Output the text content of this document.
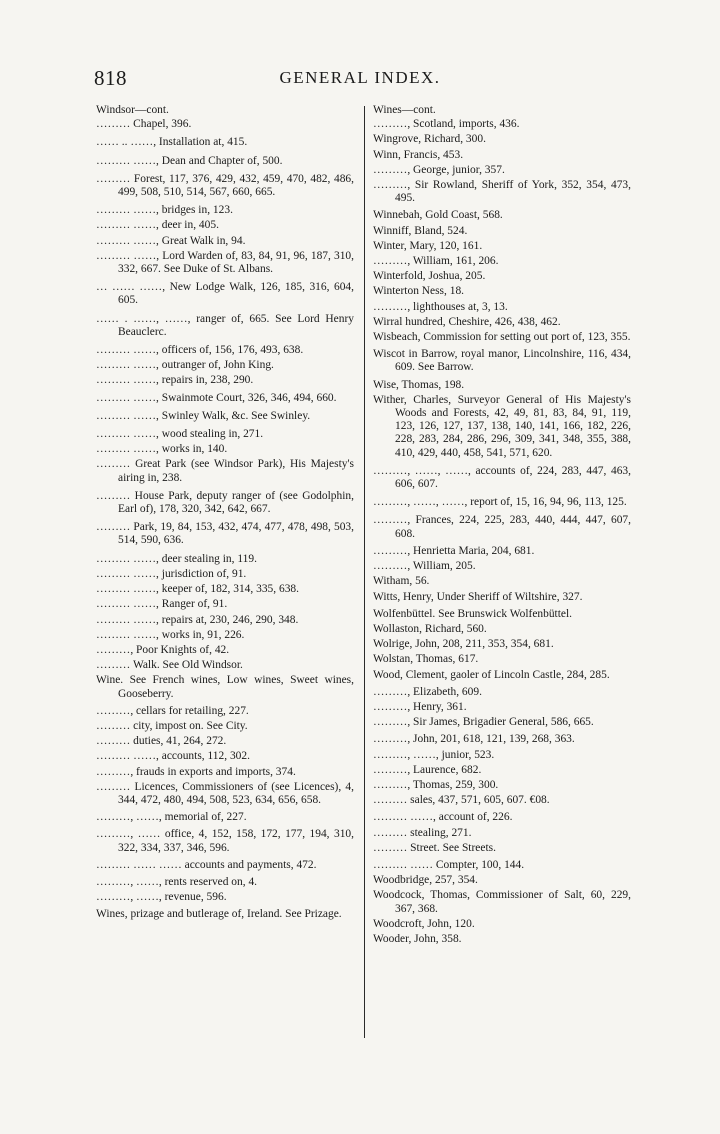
818	GENERAL INDEX.
Windsor—cont.
……… Chapel, 396.
…… .. ……, Installation at, 415.
……… ……, Dean and Chapter of, 500.
……… Forest, 117, 376, 429, 432, 459, 470, 482, 486, 499, 508, 510, 514, 567, 660, 665.
……… ……, bridges in, 123.
……… ……, deer in, 405.
……… ……, Great Walk in, 94.
……… ……, Lord Warden of, 83, 84, 91, 96, 187, 310, 332, 667. See Duke of St. Albans.
… …… ……, New Lodge Walk, 126, 185, 316, 604, 605.
…… . ……, ……, ranger of, 665. See Lord Henry Beauclerc.
……… ……, officers of, 156, 176, 493, 638.
……… ……, outranger of, John King.
……… ……, repairs in, 238, 290.
……… ……, Swainmote Court, 326, 346, 494, 660.
……… ……, Swinley Walk, &c. See Swinley.
……… ……, wood stealing in, 271.
……… ……, works in, 140.
……… Great Park (see Windsor Park), His Majesty's airing in, 238.
……… House Park, deputy ranger of (see Godolphin, Earl of), 178, 320, 342, 642, 667.
……… Park, 19, 84, 153, 432, 474, 477, 478, 498, 503, 514, 590, 636.
……… ……, deer stealing in, 119.
……… ……, jurisdiction of, 91.
……… ……, keeper of, 182, 314, 335, 638.
……… ……, Ranger of, 91.
……… ……, repairs at, 230, 246, 290, 348.
……… ……, works in, 91, 226.
………, Poor Knights of, 42.
……… Walk. See Old Windsor.
Wine. See French wines, Low wines, Sweet wines, Gooseberry.
………, cellars for retailing, 227.
……… city, impost on. See City.
……… duties, 41, 264, 272.
……… ……, accounts, 112, 302.
………, frauds in exports and imports, 374.
……… Licences, Commissioners of (see Licences), 4, 344, 472, 480, 494, 508, 523, 634, 656, 658.
………, ……, memorial of, 227.
………, …… office, 4, 152, 158, 172, 177, 194, 310, 322, 334, 337, 346, 596.
……… …… …… accounts and payments, 472.
………, ……, rents reserved on, 4.
………, ……, revenue, 596.
Wines, prizage and butlerage of, Ireland. See Prizage.
Wines—cont.
………, Scotland, imports, 436.
Wingrove, Richard, 300.
Winn, Francis, 453.
………, George, junior, 357.
………, Sir Rowland, Sheriff of York, 352, 354, 473, 495.
Winnebah, Gold Coast, 568.
Winniff, Bland, 524.
Winter, Mary, 120, 161.
………, William, 161, 206.
Winterfold, Joshua, 205.
Winterton Ness, 18.
………, lighthouses at, 3, 13.
Wirral hundred, Cheshire, 426, 438, 462.
Wisbeach, Commission for setting out port of, 123, 355.
Wiscot in Barrow, royal manor, Lincolnshire, 116, 434, 609. See Barrow.
Wise, Thomas, 198.
Wither, Charles, Surveyor General of His Majesty's Woods and Forests, 42, 49, 81, 83, 84, 91, 119, 123, 126, 127, 137, 138, 140, 141, 166, 182, 226, 228, 283, 284, 286, 296, 309, 341, 348, 355, 388, 410, 429, 440, 458, 541, 571, 620.
………, ……, ……, accounts of, 224, 283, 447, 463, 606, 607.
………, ……, ……, report of, 15, 16, 94, 96, 113, 125.
………, Frances, 224, 225, 283, 440, 444, 447, 607, 608.
………, Henrietta Maria, 204, 681.
………, William, 205.
Witham, 56.
Witts, Henry, Under Sheriff of Wiltshire, 327.
Wolfenbüttel. See Brunswick Wolfenbüttel.
Wollaston, Richard, 560.
Wolrige, John, 208, 211, 353, 354, 681.
Wolstan, Thomas, 617.
Wood, Clement, gaoler of Lincoln Castle, 284, 285.
………, Elizabeth, 609.
………, Henry, 361.
………, Sir James, Brigadier General, 586, 665.
………, John, 201, 618, 121, 139, 268, 363.
………, ……, junior, 523.
………, Laurence, 682.
………, Thomas, 259, 300.
……… sales, 437, 571, 605, 607. €08.
……… ……, account of, 226.
……… stealing, 271.
……… Street. See Streets.
……… …… Compter, 100, 144.
Woodbridge, 257, 354.
Woodcock, Thomas, Commissioner of Salt, 60, 229, 367, 368.
Woodcroft, John, 120.
Wooder, John, 358.
